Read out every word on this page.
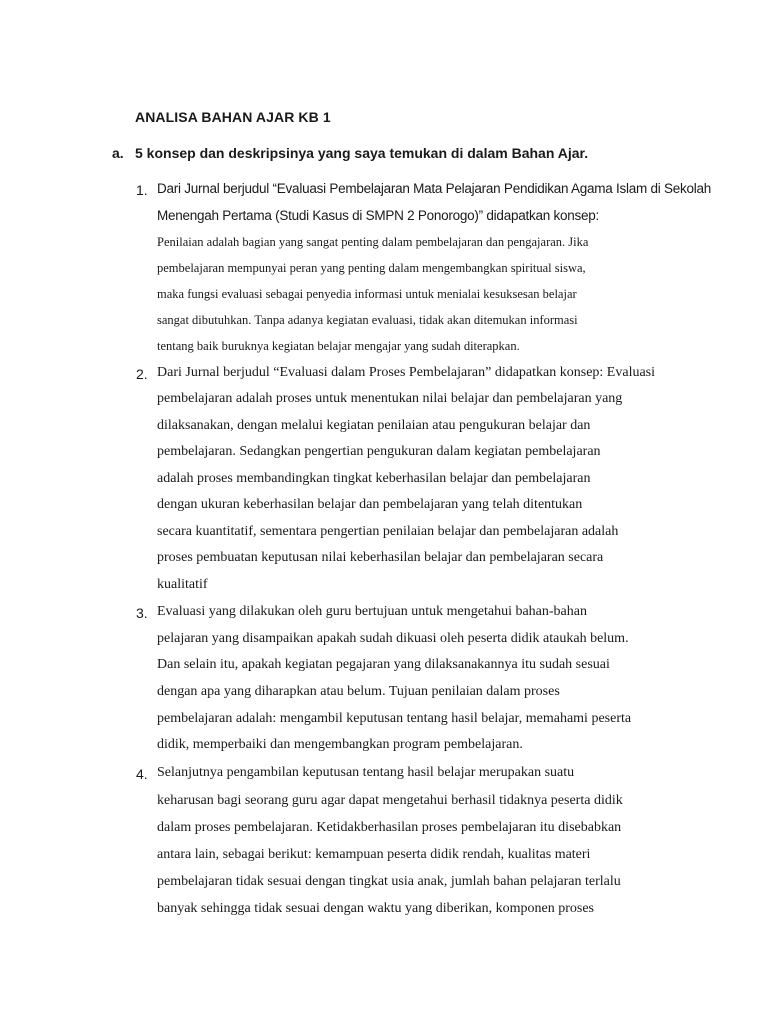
ANALISA BAHAN AJAR KB 1
a. 5 konsep dan deskripsinya yang saya temukan di dalam Bahan Ajar.
1. Dari Jurnal berjudul “Evaluasi Pembelajaran Mata Pelajaran Pendidikan Agama Islam di Sekolah
Menengah Pertama (Studi Kasus di SMPN 2 Ponorogo)” didapatkan konsep:
Penilaian adalah bagian yang sangat penting dalam pembelajaran dan pengajaran. Jika
pembelajaran mempunyai peran yang penting dalam mengembangkan spiritual siswa,
maka fungsi evaluasi sebagai penyedia informasi untuk menialai kesuksesan belajar
sangat dibutuhkan. Tanpa adanya kegiatan evaluasi, tidak akan ditemukan informasi
tentang baik buruknya kegiatan belajar mengajar yang sudah diterapkan.
2. Dari Jurnal berjudul “Evaluasi dalam Proses Pembelajaran” didapatkan konsep: Evaluasi
pembelajaran adalah proses untuk menentukan nilai belajar dan pembelajaran yang
dilaksanakan, dengan melalui kegiatan penilaian atau pengukuran belajar dan
pembelajaran. Sedangkan pengertian pengukuran dalam kegiatan pembelajaran
adalah proses membandingkan tingkat keberhasilan belajar dan pembelajaran
dengan ukuran keberhasilan belajar dan pembelajaran yang telah ditentukan
secara kuantitatif, sementara pengertian penilaian belajar dan pembelajaran adalah
proses pembuatan keputusan nilai keberhasilan belajar dan pembelajaran secara
kualitatif
3. Evaluasi yang dilakukan oleh guru bertujuan untuk mengetahui bahan-bahan
pelajaran yang disampaikan apakah sudah dikuasi oleh peserta didik ataukah belum.
Dan selain itu, apakah kegiatan pegajaran yang dilaksanakannya itu sudah sesuai
dengan apa yang diharapkan atau belum. Tujuan penilaian dalam proses
pembelajaran adalah: mengambil keputusan tentang hasil belajar, memahami peserta
didik, memperbaiki dan mengembangkan program pembelajaran.
4. Selanjutnya pengambilan keputusan tentang hasil belajar merupakan suatu
keharusan bagi seorang guru agar dapat mengetahui berhasil tidaknya peserta didik
dalam proses pembelajaran. Ketidakberhasilan proses pembelajaran itu disebabkan
antara lain, sebagai berikut: kemampuan peserta didik rendah, kualitas materi
pembelajaran tidak sesuai dengan tingkat usia anak, jumlah bahan pelajaran terlalu
banyak sehingga tidak sesuai dengan waktu yang diberikan, komponen proses
